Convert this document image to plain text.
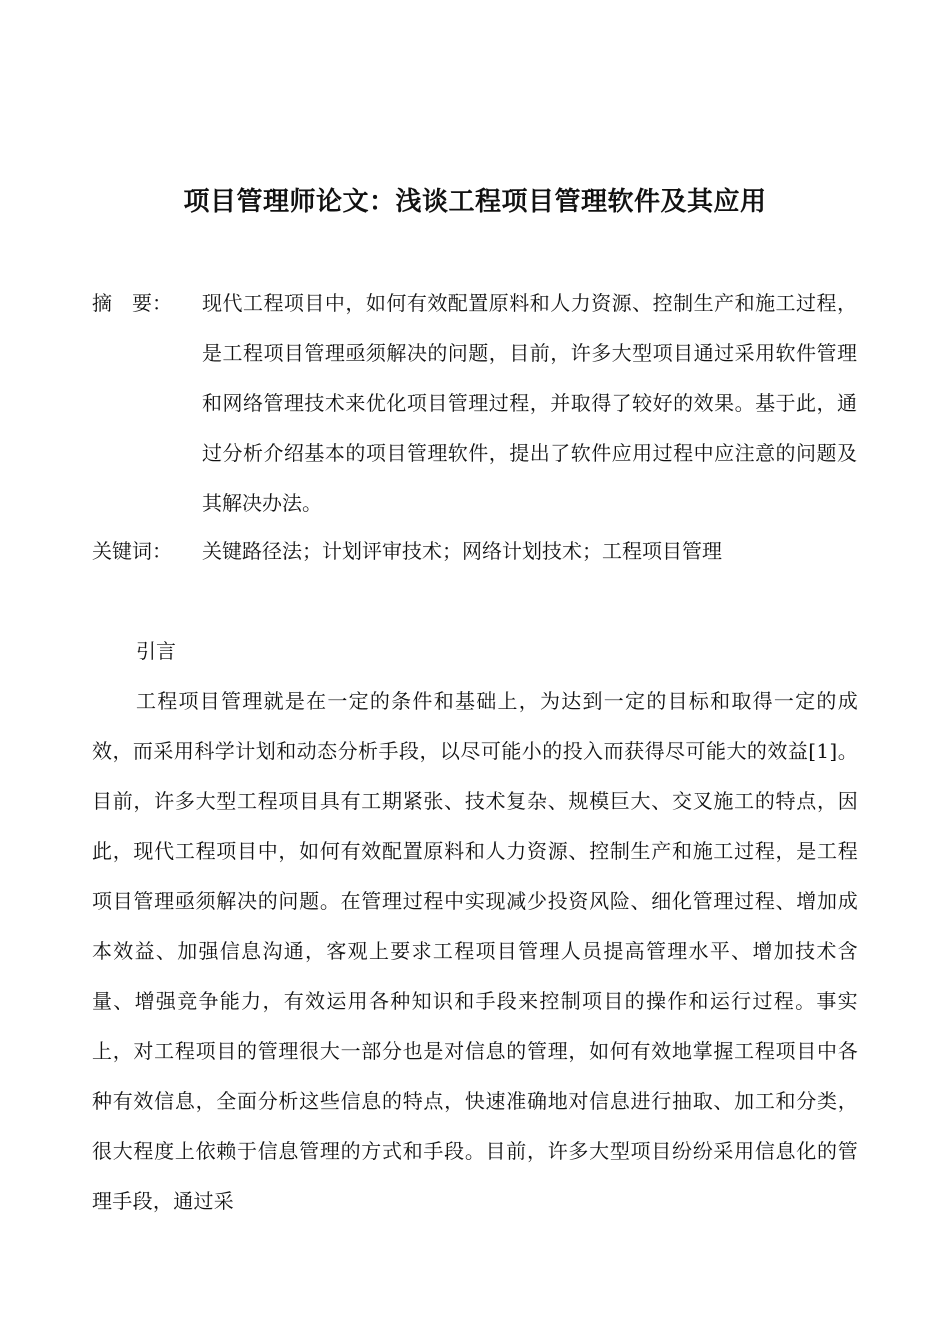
项目管理师论文：浅谈工程项目管理软件及其应用
摘　要：	现代工程项目中，如何有效配置原料和人力资源、控制生产和施工过程，是工程项目管理亟须解决的问题，目前，许多大型项目通过采用软件管理和网络管理技术来优化项目管理过程，并取得了较好的效果。基于此，通过分析介绍基本的项目管理软件，提出了软件应用过程中应注意的问题及其解决办法。
关键词：	关键路径法；计划评审技术；网络计划技术；工程项目管理

引言

工程项目管理就是在一定的条件和基础上，为达到一定的目标和取得一定的成效，而采用科学计划和动态分析手段，以尽可能小的投入而获得尽可能大的效益[1]。目前，许多大型工程项目具有工期紧张、技术复杂、规模巨大、交叉施工的特点，因此，现代工程项目中，如何有效配置原料和人力资源、控制生产和施工过程，是工程项目管理亟须解决的问题。在管理过程中实现减少投资风险、细化管理过程、增加成本效益、加强信息沟通，客观上要求工程项目管理人员提高管理水平、增加技术含量、增强竞争能力，有效运用各种知识和手段来控制项目的操作和运行过程。事实上，对工程项目的管理很大一部分也是对信息的管理，如何有效地掌握工程项目中各种有效信息，全面分析这些信息的特点，快速准确地对信息进行抽取、加工和分类，很大程度上依赖于信息管理的方式和手段。目前，许多大型项目纷纷采用信息化的管理手段，通过采
